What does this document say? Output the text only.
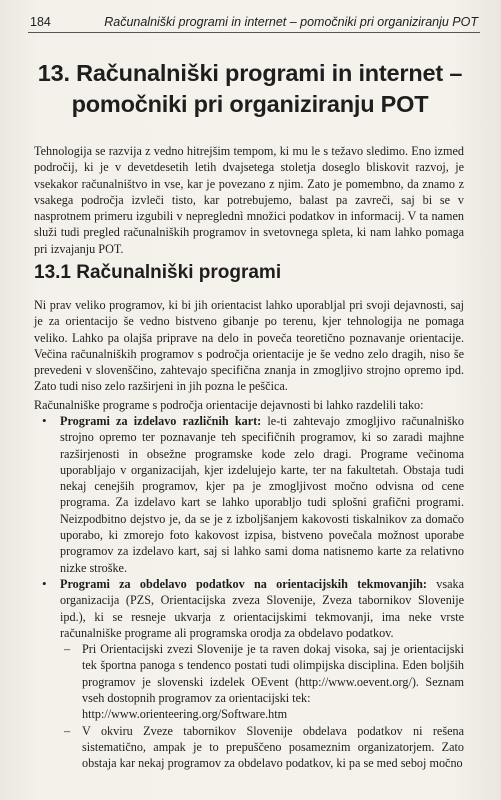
184	Računalniški programi in internet – pomočniki pri organiziranju POT
13. Računalniški programi in internet –
pomočniki pri organiziranju POT

Tehnologija se razvija z vedno hitrejšim tempom, ki mu le s težavo sledimo. Eno izmed področij, ki je v devetdesetih letih dvajsetega stoletja doseglo bliskovit razvoj, je vsekakor računalništvo in vse, kar je povezano z njim. Zato je pomembno, da znamo z vsakega področja izvleči tisto, kar potrebujemo, balast pa zavreči, saj bi se v nasprotnem primeru izgubili v nepreglednì množici podatkov in informacij. V ta namen služi tudi pregled računalniških programov in svetovnega spleta, ki nam lahko pomaga pri izvajanju POT.

13.1 Računalniški programi

Ni prav veliko programov, ki bi jih orientacist lahko uporabljal pri svoji dejavnosti, saj je za orientacijo še vedno bistveno gibanje po terenu, kjer tehnologija ne pomaga veliko. Lahko pa olajša priprave na delo in poveča teoretično poznavanje orientacije. Večina računalniških programov s področja orientacije je še vedno zelo dragih, niso še prevedeni v slovenščino, zahtevajo specifična znanja in zmogljivo strojno opremo ipd. Zato tudi niso zelo razširjeni in jih pozna le peščica.

Računalniške programe s področja orientacije dejavnosti bi lahko razdelili tako:

• Programi za izdelavo različnih kart: le-ti zahtevajo zmogljivo računalniško strojno opremo ter poznavanje teh specifičnih programov, ki so zaradi majhne razširjenosti in obsežne programske kode zelo dragi. Programe večinoma uporabljajo v organizacijah, kjer izdelujejo karte, ter na fakultetah. Obstaja tudi nekaj cenejših programov, kjer pa je zmogljivost močno odvisna od cene programa. Za izdelavo kart se lahko uporabljo tudi splošni grafični programi. Neizpodbitno dejstvo je, da se je z izboljšanjem kakovosti tiskalnikov za domačo uporabo, ki zmorejo foto kakovost izpisa, bistveno povečala možnost uporabe programov za izdelavo kart, saj si lahko sami doma natisnemo karte za relativno nizke stroške.
• Programi za obdelavo podatkov na orientacijskih tekmovanjih: vsaka organizacija (PZS, Orientacijska zveza Slovenije, Zveza tabornikov Slovenije ipd.), ki se resneje ukvarja z orientacijskimi tekmovanji, ima neke vrste računalniške programe ali programska orodja za obdelavo podatkov.
– Pri Orientacijski zvezi Slovenije je ta raven dokaj visoka, saj je orientacijski tek športna panoga s tendenco postati tudi olimpijska disciplina. Eden boljših programov je slovenski izdelek OEvent (http://www.oevent.org/). Seznam vseh dostopnih programov za orientacijski tek:
http://www.orienteering.org/Software.htm
– V okviru Zveze tabornikov Slovenije obdelava podatkov ni rešena sistematično, ampak je to prepuščeno posameznim organizatorjem. Zato obstaja kar nekaj programov za obdelavo podatkov, ki pa se med seboj močno
